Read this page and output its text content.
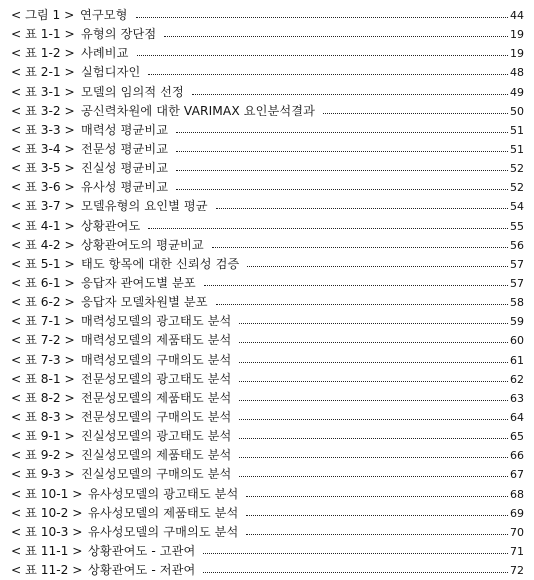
< 그림 1 > 연구모형	44
< 표 1-1 > 유형의 장단점	19
< 표 1-2 > 사례비교	19
< 표 2-1 > 실험디자인	48
< 표 3-1 > 모델의 임의적 선정	49
< 표 3-2 > 공신력차원에 대한 VARIMAX 요인분석결과	50
< 표 3-3 > 매력성 평균비교	51
< 표 3-4 > 전문성 평균비교	51
< 표 3-5 > 진실성 평균비교	52
< 표 3-6 > 유사성 평균비교	52
< 표 3-7 > 모델유형의 요인별 평균	54
< 표 4-1 > 상황관여도	55
< 표 4-2 > 상황관여도의 평균비교	56
< 표 5-1 > 태도 항목에 대한 신뢰성 검증	57
< 표 6-1 > 응답자 관여도별 분포	57
< 표 6-2 > 응답자 모델차원별 분포	58
< 표 7-1 > 매력성모델의 광고태도 분석	59
< 표 7-2 > 매력성모델의 제품태도 분석	60
< 표 7-3 > 매력성모델의 구매의도 분석	61
< 표 8-1 > 전문성모델의 광고태도 분석	62
< 표 8-2 > 전문성모델의 제품태도 분석	63
< 표 8-3 > 전문성모델의 구매의도 분석	64
< 표 9-1 > 진실성모델의 광고태도 분석	65
< 표 9-2 > 진실성모델의 제품태도 분석	66
< 표 9-3 > 진실성모델의 구매의도 분석	67
< 표 10-1 > 유사성모델의 광고태도 분석	68
< 표 10-2 > 유사성모델의 제품태도 분석	69
< 표 10-3 > 유사성모델의 구매의도 분석	70
< 표 11-1 > 상황관여도 - 고관여	71
< 표 11-2 > 상황관여도 - 저관여	72
